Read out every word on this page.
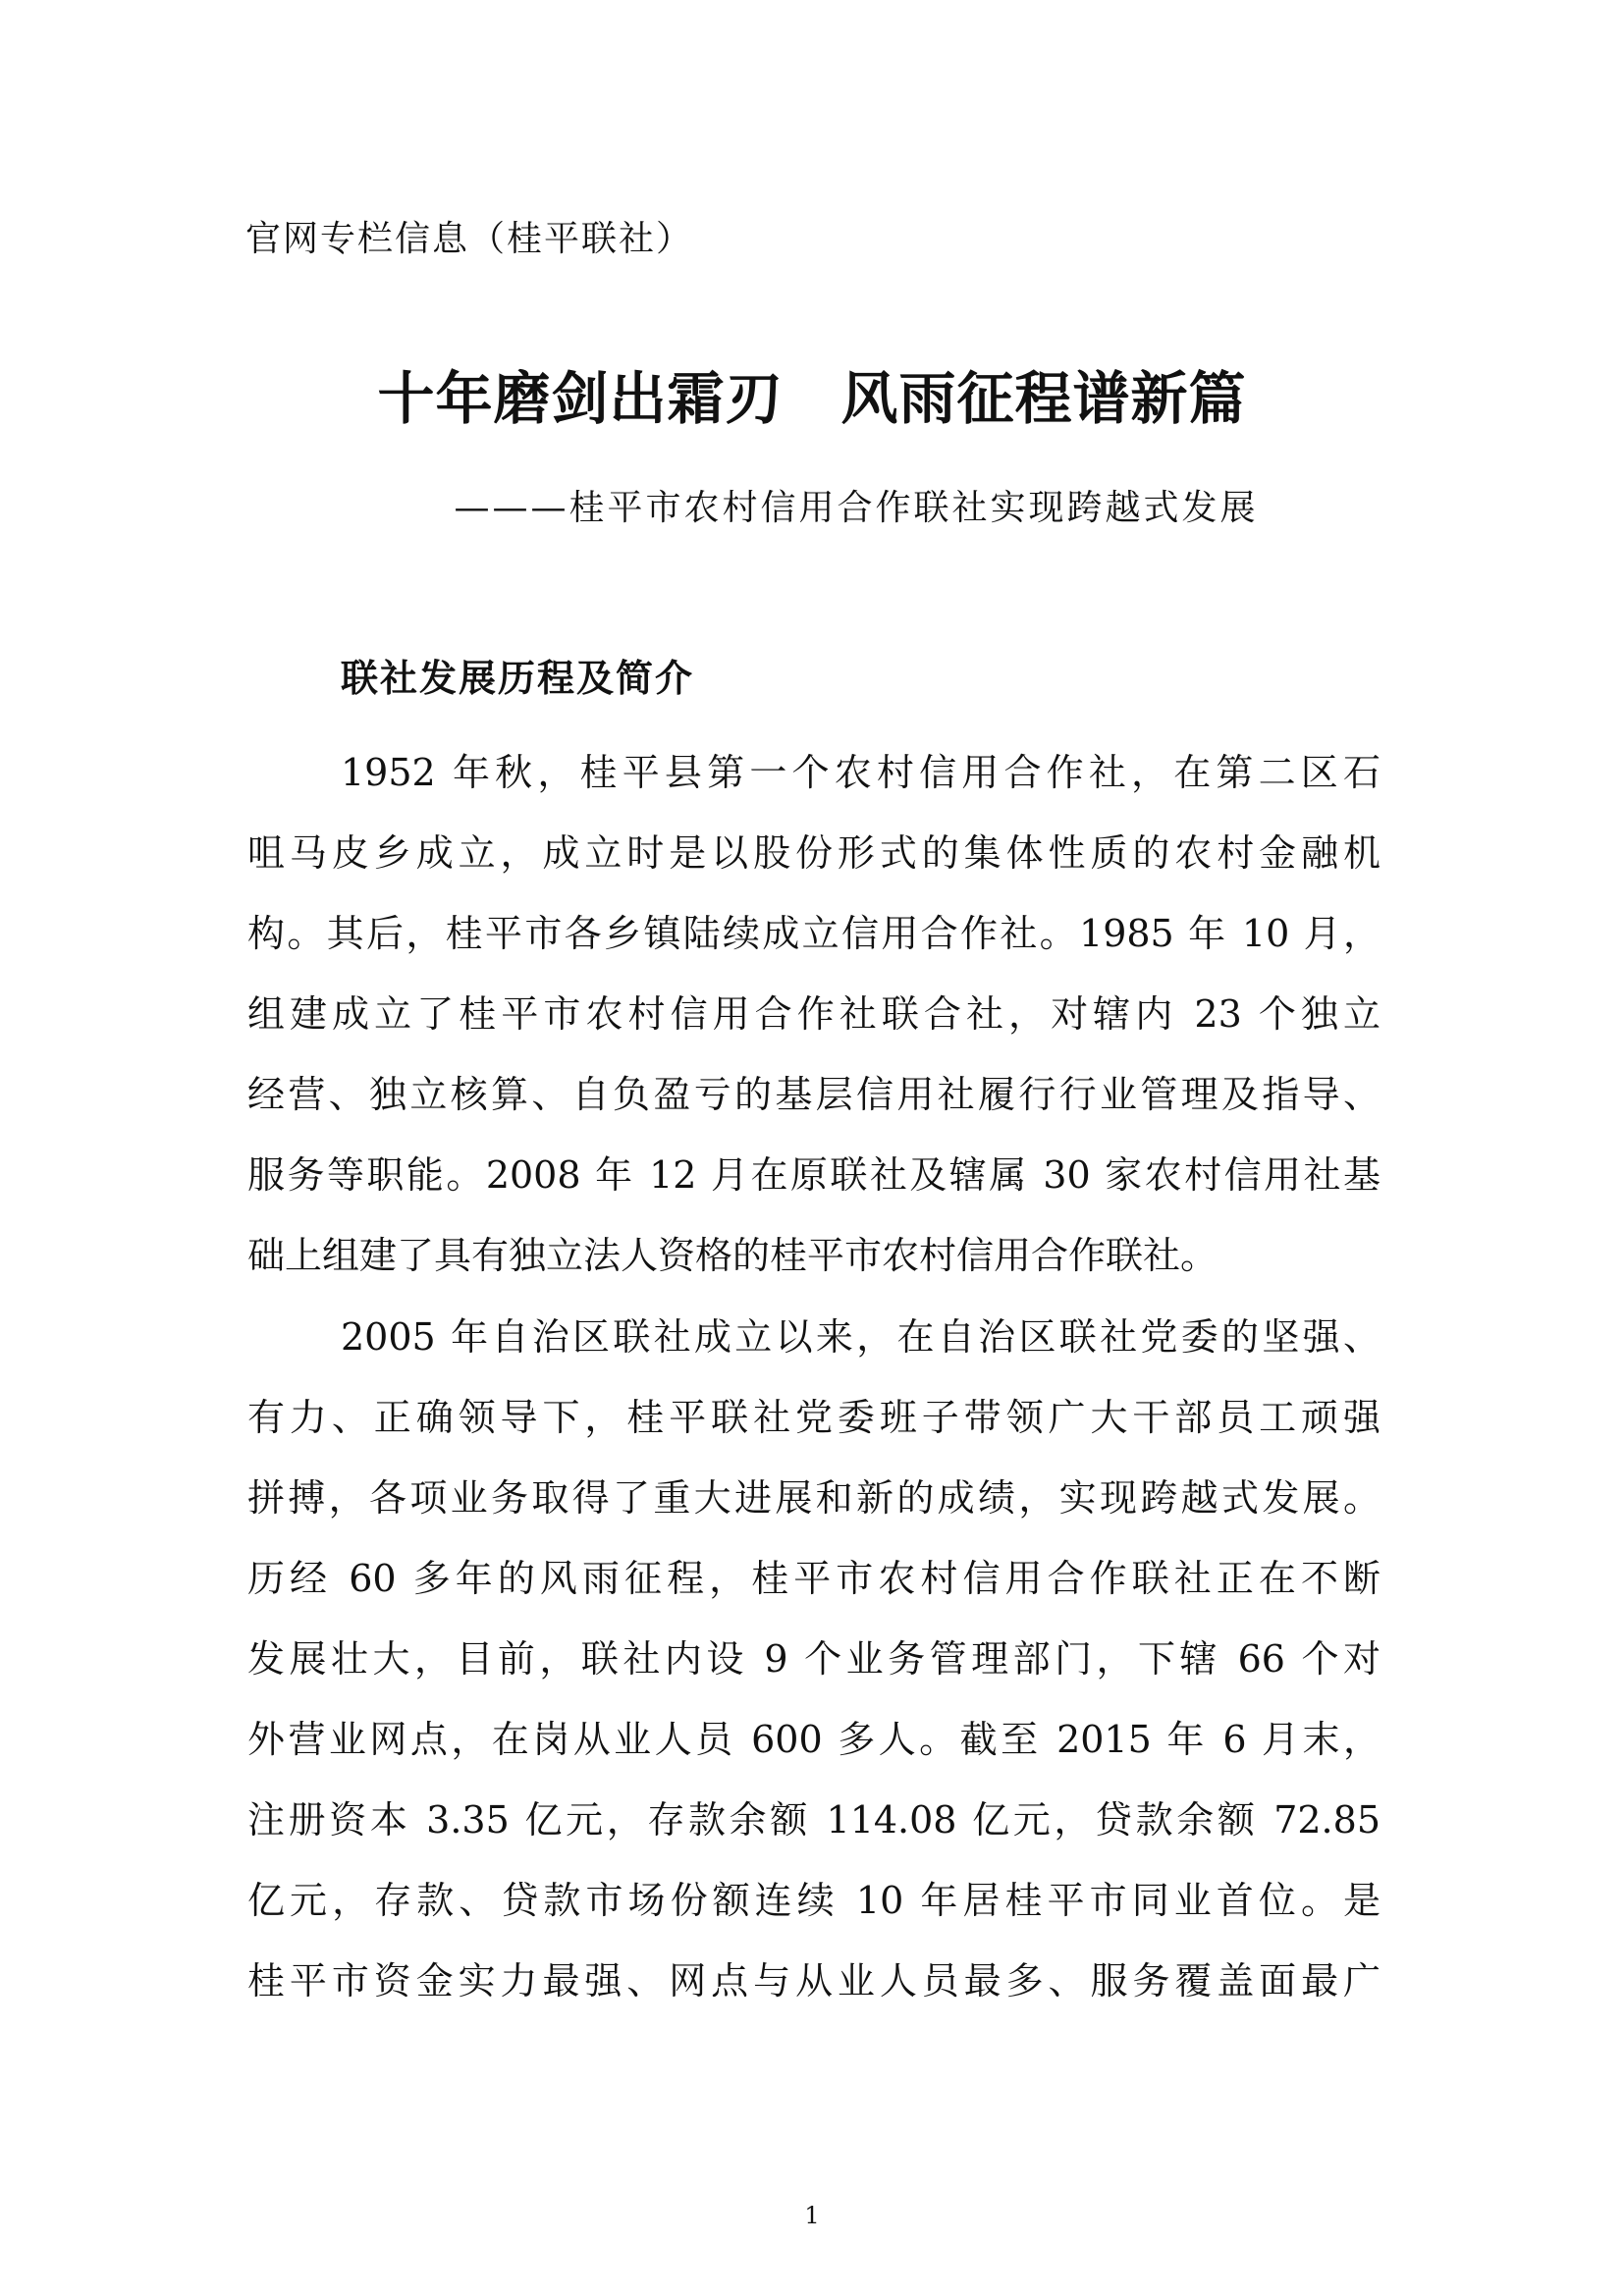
官网专栏信息（桂平联社）
十年磨剑出霜刃　风雨征程谱新篇
———桂平市农村信用合作联社实现跨越式发展
联社发展历程及简介
1952 年秋，桂平县第一个农村信用合作社，在第二区石
咀马皮乡成立，成立时是以股份形式的集体性质的农村金融机
构。其后，桂平市各乡镇陆续成立信用合作社。1985 年 10 月，
组建成立了桂平市农村信用合作社联合社，对辖内 23 个独立
经营、独立核算、自负盈亏的基层信用社履行行业管理及指导、
服务等职能。2008 年 12 月在原联社及辖属 30 家农村信用社基
础上组建了具有独立法人资格的桂平市农村信用合作联社。
2005 年自治区联社成立以来，在自治区联社党委的坚强、
有力、正确领导下，桂平联社党委班子带领广大干部员工顽强
拼搏，各项业务取得了重大进展和新的成绩，实现跨越式发展。
历经 60 多年的风雨征程，桂平市农村信用合作联社正在不断
发展壮大，目前，联社内设 9 个业务管理部门，下辖 66 个对
外营业网点，在岗从业人员 600 多人。截至 2015 年 6 月末，
注册资本 3.35 亿元，存款余额 114.08 亿元，贷款余额 72.85
亿元，存款、贷款市场份额连续 10 年居桂平市同业首位。是
桂平市资金实力最强、网点与从业人员最多、服务覆盖面最广
1
